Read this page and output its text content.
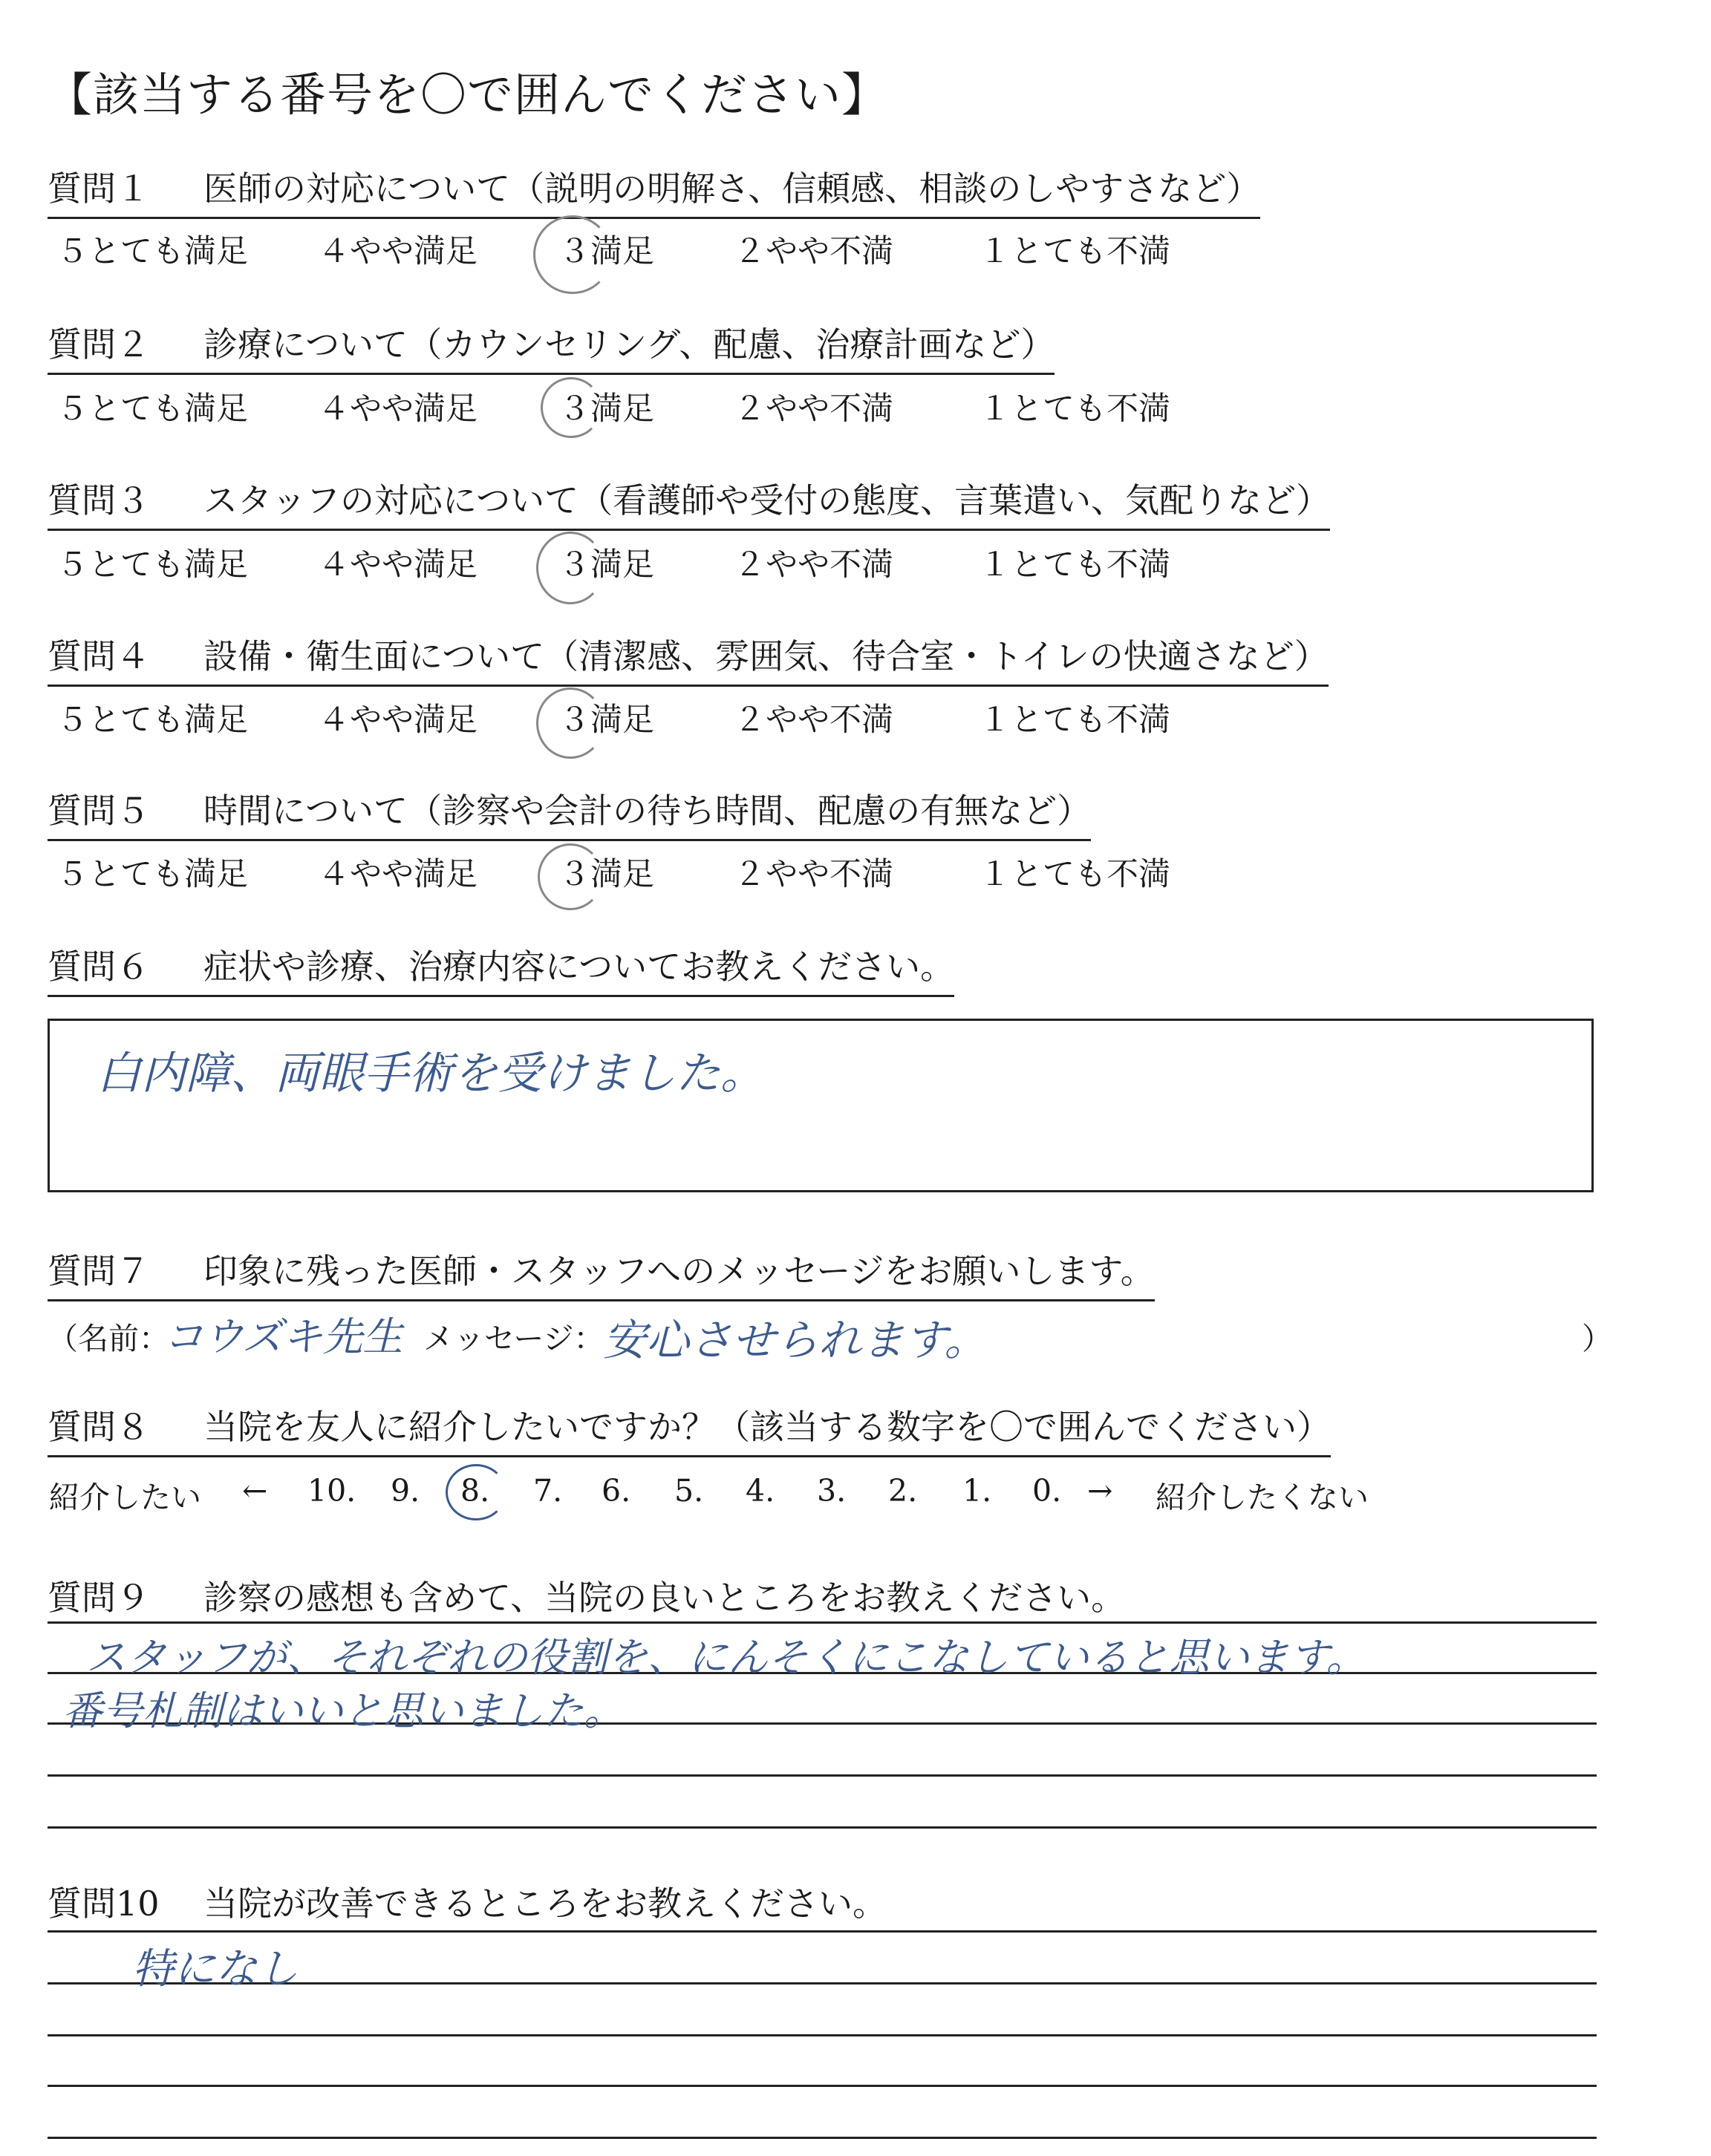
【該当する番号を〇で囲んでください】
質問１ 医師の対応について（説明の明解さ、信頼感、相談のしやすさなど）
５とても満足 ４やや満足	３満足 ２やや不満	１とても不満
質問２ 診療について（カウンセリング、配慮、治療計画など）
５とても満足 ４やや満足	３満足 ２やや不満	１とても不満
質問３ スタッフの対応について（看護師や受付の態度、言葉遣い、気配りなど）
５とても満足 ４やや満足	３満足 ２やや不満	１とても不満
質問４ 設備・衛生面について（清潔感、雰囲気、待合室・トイレの快適さなど）
５とても満足 ４やや満足	３満足 ２やや不満	１とても不満
質問５ 時間について（診察や会計の待ち時間、配慮の有無など）
５とても満足 ４やや満足	３満足 ２やや不満	１とても不満
質問６ 症状や診療、治療内容についてお教えください。
白内障、両眼手術を受けました。
質問７ 印象に残った医師・スタッフへのメッセージをお願いします。
（名前：
コウズキ先生 メッセージ：
安心させられます。	）
質問８ 当院を友人に紹介したいですか？（該当する数字を〇で囲んでください）
紹介したい ← 10. 9. 8. 7. 6. 5. 4. 3. 2. 1. 0. → 紹介したくない
質問９ 診察の感想も含めて、当院の良いところをお教えください。
スタッフが、それぞれの役割を、にんそくにこなしていると思います。
番号札制はいいと思いました。
質問10 当院が改善できるところをお教えください。
特になし
